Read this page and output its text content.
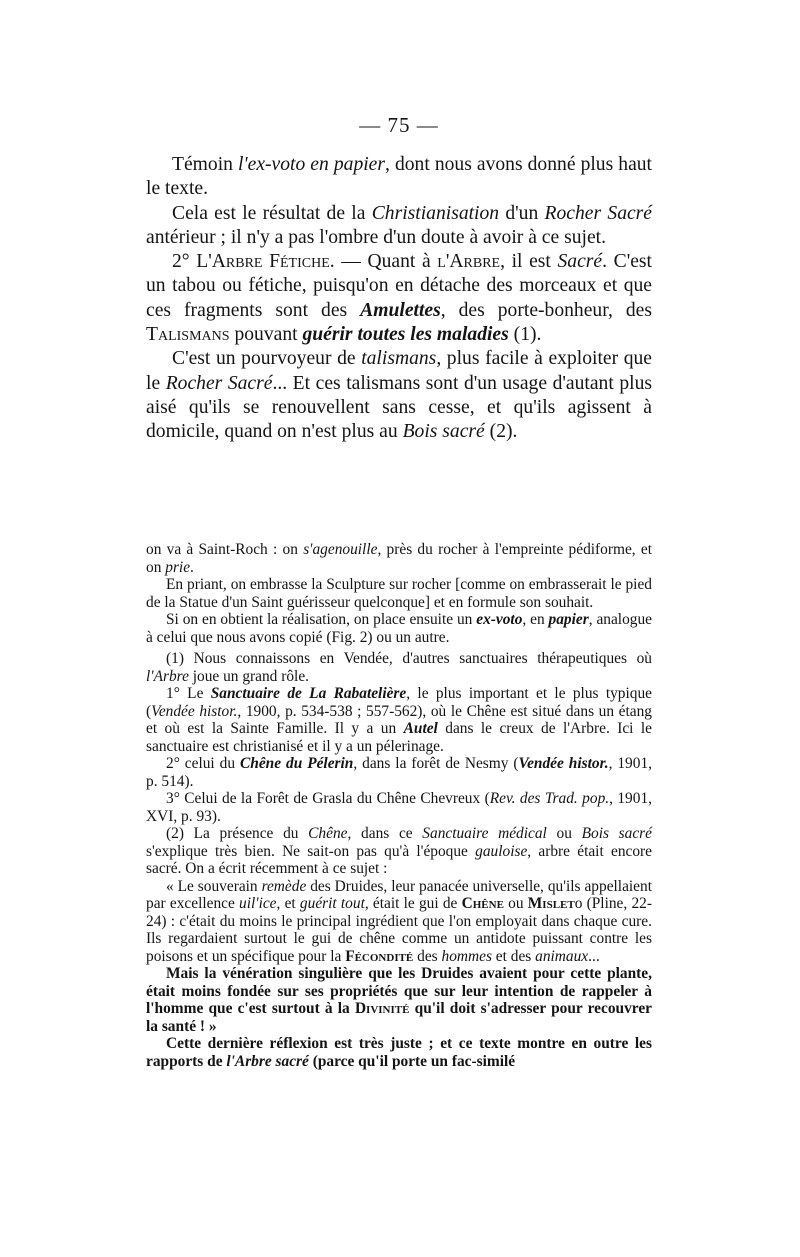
— 75 —

Témoin l'ex-voto en papier, dont nous avons donné plus haut le texte.

Cela est le résultat de la Christianisation d'un Rocher Sacré antérieur ; il n'y a pas l'ombre d'un doute à avoir à ce sujet.

2° L'Arbre Fétiche. — Quant à l'Arbre, il est Sacré. C'est un tabou ou fétiche, puisqu'on en détache des morceaux et que ces fragments sont des Amulettes, des porte-bonheur, des Talismans pouvant guérir toutes les maladies (1).

C'est un pourvoyeur de talismans, plus facile à exploiter que le Rocher Sacré... Et ces talismans sont d'un usage d'autant plus aisé qu'ils se renouvellent sans cesse, et qu'ils agissent à domicile, quand on n'est plus au Bois sacré (2).

on va à Saint-Roch : on s'agenouille, près du rocher à l'empreinte pédiforme, et on prie.

En priant, on embrasse la Sculpture sur rocher [comme on embrasserait le pied de la Statue d'un Saint guérisseur quelconque] et en formule son souhait.

Si on en obtient la réalisation, on place ensuite un ex-voto, en papier, analogue à celui que nous avons copié (Fig. 2) ou un autre.

(1) Nous connaissons en Vendée, d'autres sanctuaires thérapeutiques où l'Arbre joue un grand rôle.

1° Le Sanctuaire de La Rabatelière, le plus important et le plus typique (Vendée histor., 1900, p. 534-538 ; 557-562), où le Chêne est situé dans un étang et où est la Sainte Famille. Il y a un Autel dans le creux de l'Arbre. Ici le sanctuaire est christianisé et il y a un pélerinage.

2° celui du Chêne du Pélerin, dans la forêt de Nesmy (Vendée histor., 1901, p. 514).

3° Celui de la Forêt de Grasla du Chêne Chevreux (Rev. des Trad. pop., 1901, XVI, p. 93).

(2) La présence du Chêne, dans ce Sanctuaire médical ou Bois sacré s'explique très bien. Ne sait-on pas qu'à l'époque gauloise, arbre était encore sacré. On a écrit récemment à ce sujet :

« Le souverain remède des Druides, leur panacée universelle, qu'ils appellaient par excellence uil'ice, et guérit tout, était le gui de Chêne ou Misleto (Pline, 22-24) : c'était du moins le principal ingrédient que l'on employait dans chaque cure. Ils regardaient surtout le gui de chêne comme un antidote puissant contre les poisons et un spécifique pour la Fécondité des hommes et des animaux...

Mais la vénération singulière que les Druides avaient pour cette plante, était moins fondée sur ses propriétés que sur leur intention de rappeler à l'homme que c'est surtout à la Divinité qu'il doit s'adresser pour recouvrer la santé ! »

Cette dernière réflexion est très juste ; et ce texte montre en outre les rapports de l'Arbre sacré (parce qu'il porte un fac-similé
